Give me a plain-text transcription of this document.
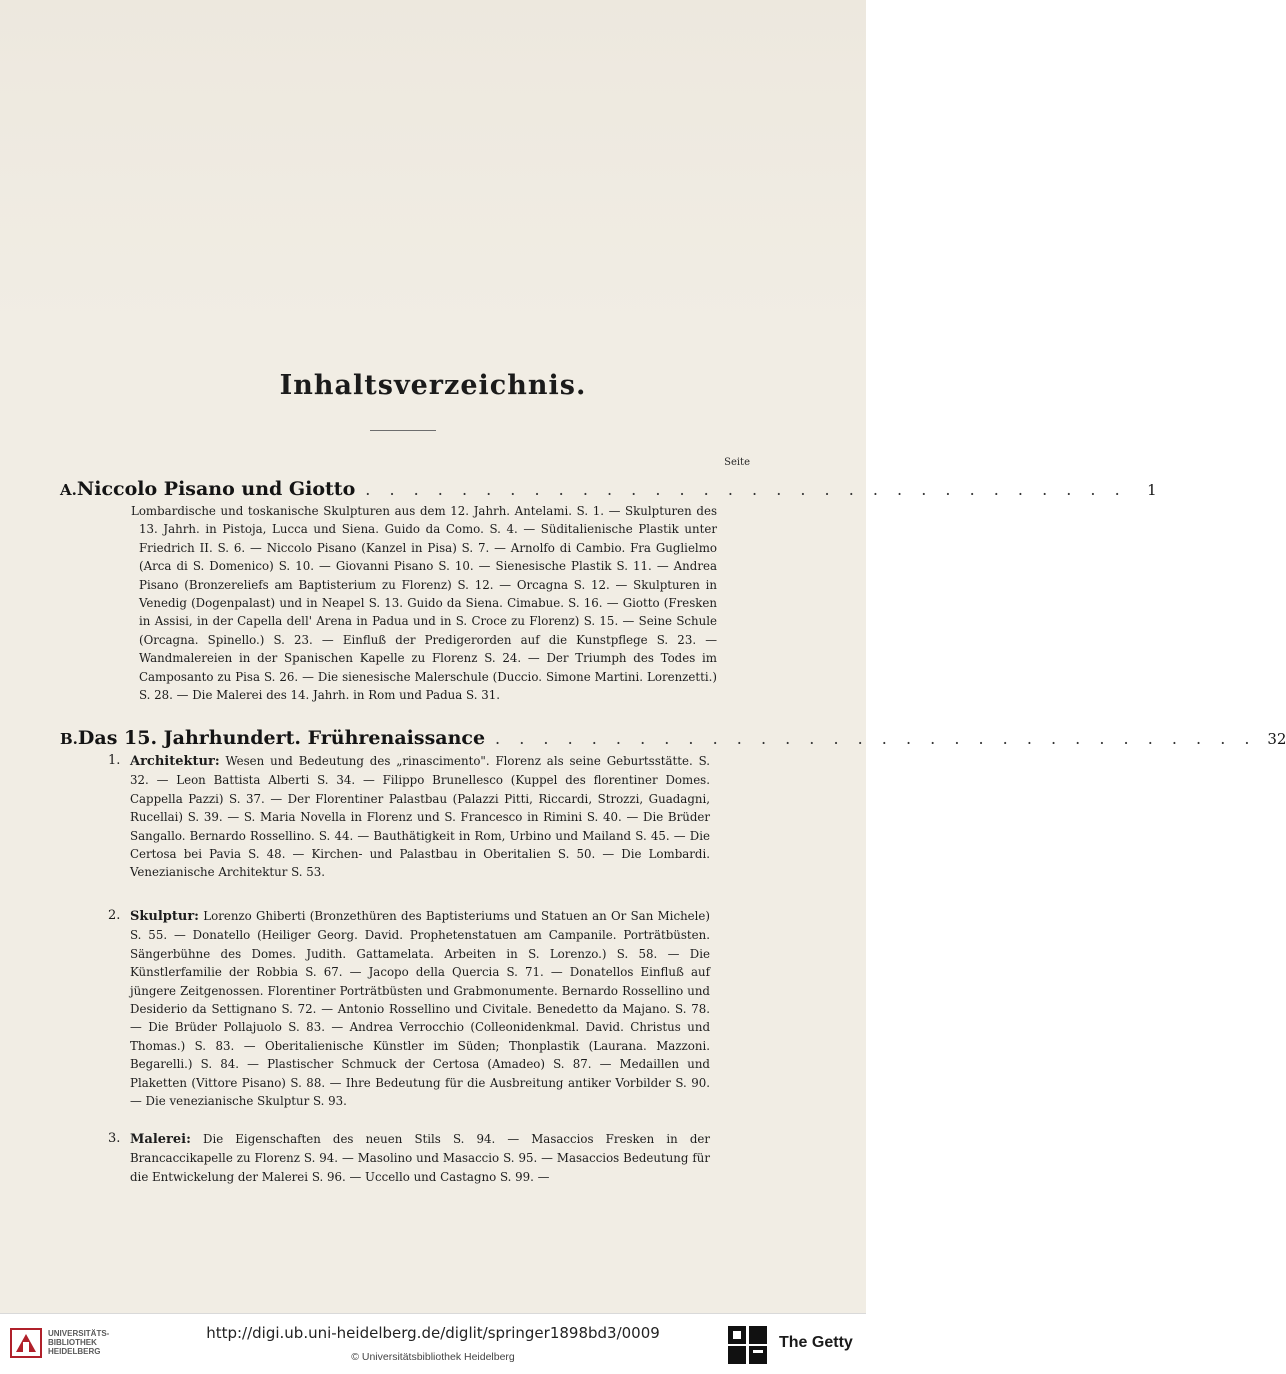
Inhaltsverzeichnis.
Seite
A. Niccolo Pisano und Giotto . . . . . . . . . . . . . . . . . . . . . . . . . . . . . . . .	1

Lombardische und toskanische Skulpturen aus dem 12. Jahrh. Antelami. S. 1. — Skulpturen des 13. Jahrh. in Pistoja, Lucca und Siena. Guido da Como. S. 4. — Süditalienische Plastik unter Friedrich II. S. 6. — Niccolo Pisano (Kanzel in Pisa) S. 7. — Arnolfo di Cambio. Fra Guglielmo (Arca di S. Domenico) S. 10. — Giovanni Pisano S. 10. — Sienesische Plastik S. 11. — Andrea Pisano (Bronzereliefs am Baptisterium zu Florenz) S. 12. — Orcagna S. 12. — Skulpturen in Venedig (Dogenpalast) und in Neapel S. 13. Guido da Siena. Cimabue. S. 16. — Giotto (Fresken in Assisi, in der Capella dell' Arena in Padua und in S. Croce zu Florenz) S. 15. — Seine Schule (Orcagna. Spinello.) S. 23. — Einfluß der Predigerorden auf die Kunstpflege S. 23. — Wandmalereien in der Spanischen Kapelle zu Florenz S. 24. — Der Triumph des Todes im Camposanto zu Pisa S. 26. — Die sienesische Malerschule (Duccio. Simone Martini. Lorenzetti.) S. 28. — Die Malerei des 14. Jahrh. in Rom und Padua S. 31.

B. Das 15. Jahrhundert. Frührenaissance . . . . . . . . . . . . . . . . . . . . . . . . . . . . . . . . 32

1. Architektur: Wesen und Bedeutung des „rinascimento". Florenz als seine Geburtsstätte. S. 32. — Leon Battista Alberti S. 34. — Filippo Brunellesco (Kuppel des florentiner Domes. Cappella Pazzi) S. 37. — Der Florentiner Palastbau (Palazzi Pitti, Riccardi, Strozzi, Guadagni, Rucellai) S. 39. — S. Maria Novella in Florenz und S. Francesco in Rimini S. 40. — Die Brüder Sangallo. Bernardo Rossellino. S. 44. — Bauthätigkeit in Rom, Urbino und Mailand S. 45. — Die Certosa bei Pavia S. 48. — Kirchen- und Palastbau in Oberitalien S. 50. — Die Lombardi. Venezianische Architektur S. 53.

2. Skulptur: Lorenzo Ghiberti (Bronzethüren des Baptisteriums und Statuen an Or San Michele) S. 55. — Donatello (Heiliger Georg. David. Prophetenstatuen am Campanile. Porträtbüsten. Sängerbühne des Domes. Judith. Gattamelata. Arbeiten in S. Lorenzo.) S. 58. — Die Künstlerfamilie der Robbia S. 67. — Jacopo della Quercia S. 71. — Donatellos Einfluß auf jüngere Zeitgenossen. Florentiner Porträtbüsten und Grabmonumente. Bernardo Rossellino und Desiderio da Settignano S. 72. — Antonio Rossellino und Civitale. Benedetto da Majano. S. 78. — Die Brüder Pollajuolo S. 83. — Andrea Verrocchio (Colleonidenkmal. David. Christus und Thomas.) S. 83. — Oberitalienische Künstler im Süden; Thonplastik (Laurana. Mazzoni. Begarelli.) S. 84. — Plastischer Schmuck der Certosa (Amadeo) S. 87. — Medaillen und Plaketten (Vittore Pisano) S. 88. — Ihre Bedeutung für die Ausbreitung antiker Vorbilder S. 90. — Die venezianische Skulptur S. 93.

3. Malerei: Die Eigenschaften des neuen Stils S. 94. — Masaccios Fresken in der Brancaccikapelle zu Florenz S. 94. — Masolino und Masaccio S. 95. — Masaccios Bedeutung für die Entwickelung der Malerei S. 96. — Uccello und Castagno S. 99. —

UNIVERSITÄTS-
BIBLIOTHEK
HEIDELBERG
http://digi.ub.uni-heidelberg.de/diglit/springer1898bd3/0009
© Universitätsbibliothek Heidelberg
The Getty
